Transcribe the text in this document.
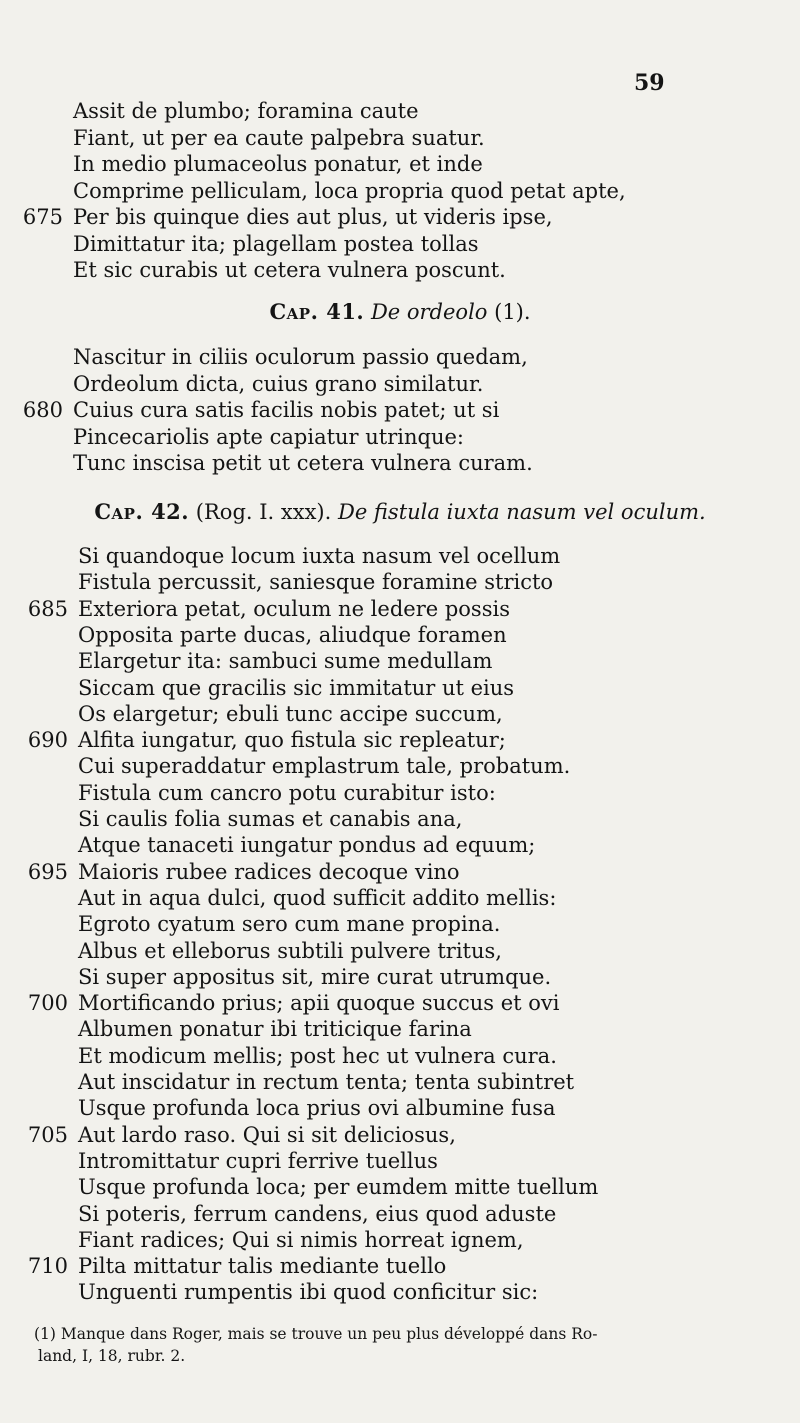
59
Assit de plumbo; foramina caute
Fiant, ut per ea caute palpebra suatur.
In medio plumaceolus ponatur, et inde
Comprime pelliculam, loca propria quod petat apte,
675 Per bis quinque dies aut plus, ut videris ipse,
Dimittatur ita; plagellam postea tollas
Et sic curabis ut cetera vulnera poscunt.
Nascitur in ciliis oculorum passio quedam,
Ordeolum dicta, cuius grano similatur.
680 Cuius cura satis facilis nobis patet; ut si
Pincecariolis apte capiatur utrinque:
Tunc inscisa petit ut cetera vulnera curam.
Si quandoque locum iuxta nasum vel ocellum
Fistula percussit, saniesque foramine stricto
685 Exteriora petat, oculum ne ledere possis
Opposita parte ducas, aliudque foramen
Elargetur ita: sambuci sume medullam
Siccam que gracilis sic immitatur ut eius
Os elargetur; ebuli tunc accipe succum,
690 Alfita iungatur, quo fistula sic repleatur;
Cui superaddatur emplastrum tale, probatum.
Fistula cum cancro potu curabitur isto:
Si caulis folia sumas et canabis ana,
Atque tanaceti iungatur pondus ad equum;
695 Maioris rubee radices decoque vino
Aut in aqua dulci, quod sufficit addito mellis:
Egroto cyatum sero cum mane propina.
Albus et elleborus subtili pulvere tritus,
Si super appositus sit, mire curat utrumque.
700 Mortificando prius; apii quoque succus et ovi
Albumen ponatur ibi triticique farina
Et modicum mellis; post hec ut vulnera cura.
Aut inscidatur in rectum tenta; tenta subintret
Usque profunda loca prius ovi albumine fusa
705 Aut lardo raso. Qui si sit deliciosus,
Intromittatur cupri ferrive tuellus
Usque profunda loca; per eumdem mitte tuellum
Si poteris, ferrum candens, eius quod aduste
Fiant radices; Qui si nimis horreat ignem,
710 Pilta mittatur talis mediante tuello
Unguenti rumpentis ibi quod conficitur sic:
Cap. 41. De ordeolo (1).
Cap. 42. (Rog. I. xxx). De fistula iuxta nasum vel oculum.
(1) Manque dans Roger, mais se trouve un peu plus développé dans Ro-
land, I, 18, rubr. 2.
